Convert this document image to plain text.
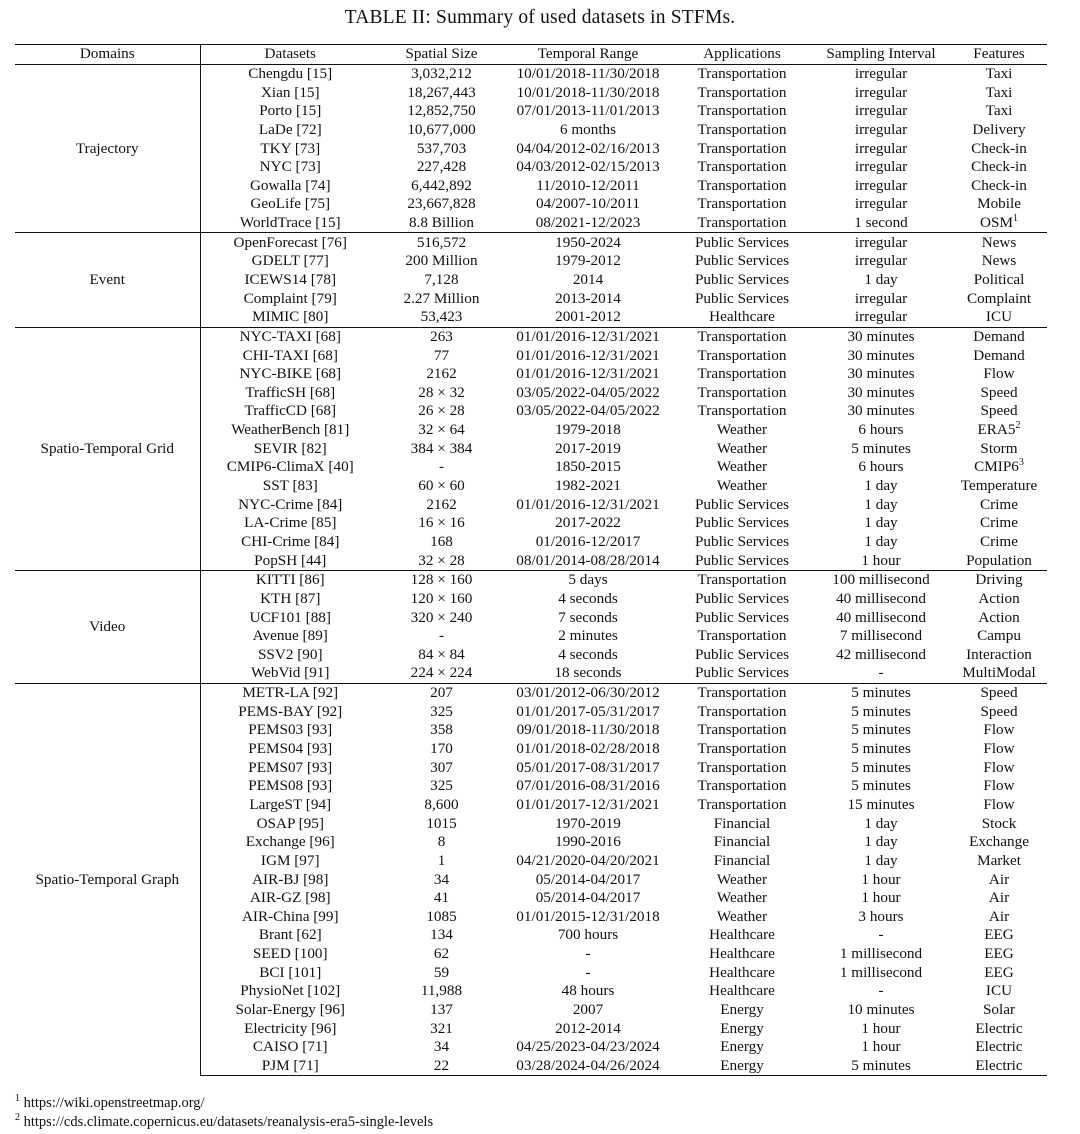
TABLE II: Summary of used datasets in STFMs.
Domains	Datasets	Spatial Size	Temporal Range	Applications	Sampling Interval	Features
Trajectory	Chengdu [15]	3,032,212	10/01/2018-11/30/2018	Transportation	irregular	Taxi
	Xian [15]	18,267,443	10/01/2018-11/30/2018	Transportation	irregular	Taxi
	Porto [15]	12,852,750	07/01/2013-11/01/2013	Transportation	irregular	Taxi
	LaDe [72]	10,677,000	6 months	Transportation	irregular	Delivery
	TKY [73]	537,703	04/04/2012-02/16/2013	Transportation	irregular	Check-in
	NYC [73]	227,428	04/03/2012-02/15/2013	Transportation	irregular	Check-in
	Gowalla [74]	6,442,892	11/2010-12/2011	Transportation	irregular	Check-in
	GeoLife [75]	23,667,828	04/2007-10/2011	Transportation	irregular	Mobile
	WorldTrace [15]	8.8 Billion	08/2021-12/2023	Transportation	1 second	OSM$^1$
Event	OpenForecast [76]	516,572	1950-2024	Public Services	irregular	News
	GDELT [77]	200 Million	1979-2012	Public Services	irregular	News
	ICEWS14 [78]	7,128	2014	Public Services	1 day	Political
	Complaint [79]	2.27 Million	2013-2014	Public Services	irregular	Complaint
	MIMIC [80]	53,423	2001-2012	Healthcare	irregular	ICU
Spatio-Temporal Grid	NYC-TAXI [68]	263	01/01/2016-12/31/2021	Transportation	30 minutes	Demand
	CHI-TAXI [68]	77	01/01/2016-12/31/2021	Transportation	30 minutes	Demand
	NYC-BIKE [68]	2162	01/01/2016-12/31/2021	Transportation	30 minutes	Flow
	TrafficSH [68]	28 × 32	03/05/2022-04/05/2022	Transportation	30 minutes	Speed
	TrafficCD [68]	26 × 28	03/05/2022-04/05/2022	Transportation	30 minutes	Speed
	WeatherBench [81]	32 × 64	1979-2018	Weather	6 hours	$ERA5^2$
	SEVIR [82]	384 × 384	2017-2019	Weather	5 minutes	Storm
	CMIP6-ClimaX [40]	-	1850-2015	Weather	6 hours	$CMIP6^3$
	SST [83]	60 × 60	1982-2021	Weather	1 day	Temperature
	NYC-Crime [84]	2162	01/01/2016-12/31/2021	Public Services	1 day	Crime
	LA-Crime [85]	16 × 16	2017-2022	Public Services	1 day	Crime
	CHI-Crime [84]	168	01/2016-12/2017	Public Services	1 day	Crime
	PopSH [44]	32 × 28	08/01/2014-08/28/2014	Public Services	1 hour	Population
Video	KITTI [86]	128 × 160	5 days	Transportation	100 millisecond	Driving
	KTH [87]	120 × 160	4 seconds	Public Services	40 millisecond	Action
	UCF101 [88]	320 × 240	7 seconds	Public Services	40 millisecond	Action
	Avenue [89]	-	2 minutes	Transportation	7 millisecond	Campu
	SSV2 [90]	84 × 84	4 seconds	Public Services	42 millisecond	Interaction
	WebVid [91]	224 × 224	18 seconds	Public Services	-	MultiModal
Spatio-Temporal Graph	METR-LA [92]	207	03/01/2012-06/30/2012	Transportation	5 minutes	Speed
	PEMS-BAY [92]	325	01/01/2017-05/31/2017	Transportation	5 minutes	Speed
	PEMS03 [93]	358	09/01/2018-11/30/2018	Transportation	5 minutes	Flow
	PEMS04 [93]	170	01/01/2018-02/28/2018	Transportation	5 minutes	Flow
	PEMS07 [93]	307	05/01/2017-08/31/2017	Transportation	5 minutes	Flow
	PEMS08 [93]	325	07/01/2016-08/31/2016	Transportation	5 minutes	Flow
	LargeST [94]	8,600	01/01/2017-12/31/2021	Transportation	15 minutes	Flow
	OSAP [95]	1015	1970-2019	Financial	1 day	Stock
	Exchange [96]	8	1990-2016	Financial	1 day	Exchange
	IGM [97]	1	04/21/2020-04/20/2021	Financial	1 day	Market
	AIR-BJ [98]	34	05/2014-04/2017	Weather	1 hour	Air
	AIR-GZ [98]	41	05/2014-04/2017	Weather	1 hour	Air
	AIR-China [99]	1085	01/01/2015-12/31/2018	Weather	3 hours	Air
	Brant [62]	134	700 hours	Healthcare	-	EEG
	SEED [100]	62	-	Healthcare	1 millisecond	EEG
	BCI [101]	59	-	Healthcare	1 millisecond	EEG
	PhysioNet [102]	11,988	48 hours	Healthcare	-	ICU
	Solar-Energy [96]	137	2007	Energy	10 minutes	Solar
	Electricity [96]	321	2012-2014	Energy	1 hour	Electric
	CAISO [71]	34	04/25/2023-04/23/2024	Energy	1 hour	Electric
	PJM [71]	22	03/28/2024-04/26/2024	Energy	5 minutes	Electric
$^1$ https://wiki.openstreetmap.org/
$^2$ https://cds.climate.copernicus.eu/datasets/reanalysis-era5-single-levels
